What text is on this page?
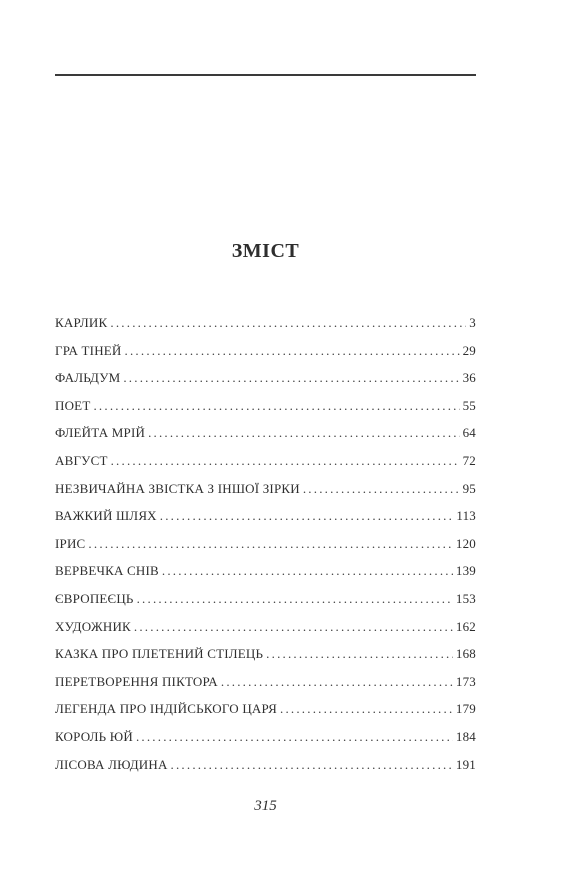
ЗМІСТ
КАРЛИК .....	3
ГРА ТІНЕЙ .....	29
ФАЛЬДУМ .....	36
ПОЕТ .....	55
ФЛЕЙТА МРІЙ .....	64
АВГУСТ .....	72
НЕЗВИЧАЙНА ЗВІСТКА З ІНШОЇ ЗІРКИ .....	95
ВАЖКИЙ ШЛЯХ .....	113
ІРИС .....	120
ВЕРВЕЧКА СНІВ .....	139
ЄВРОПЕЄЦЬ .....	153
ХУДОЖНИК .....	162
КАЗКА ПРО ПЛЕТЕНИЙ СТІЛЕЦЬ .....	168
ПЕРЕТВОРЕННЯ ПІКТОРА .....	173
ЛЕГЕНДА ПРО ІНДІЙСЬКОГО ЦАРЯ .....	179
КОРОЛЬ ЮЙ .....	184
ЛІСОВА ЛЮДИНА .....	191
315
